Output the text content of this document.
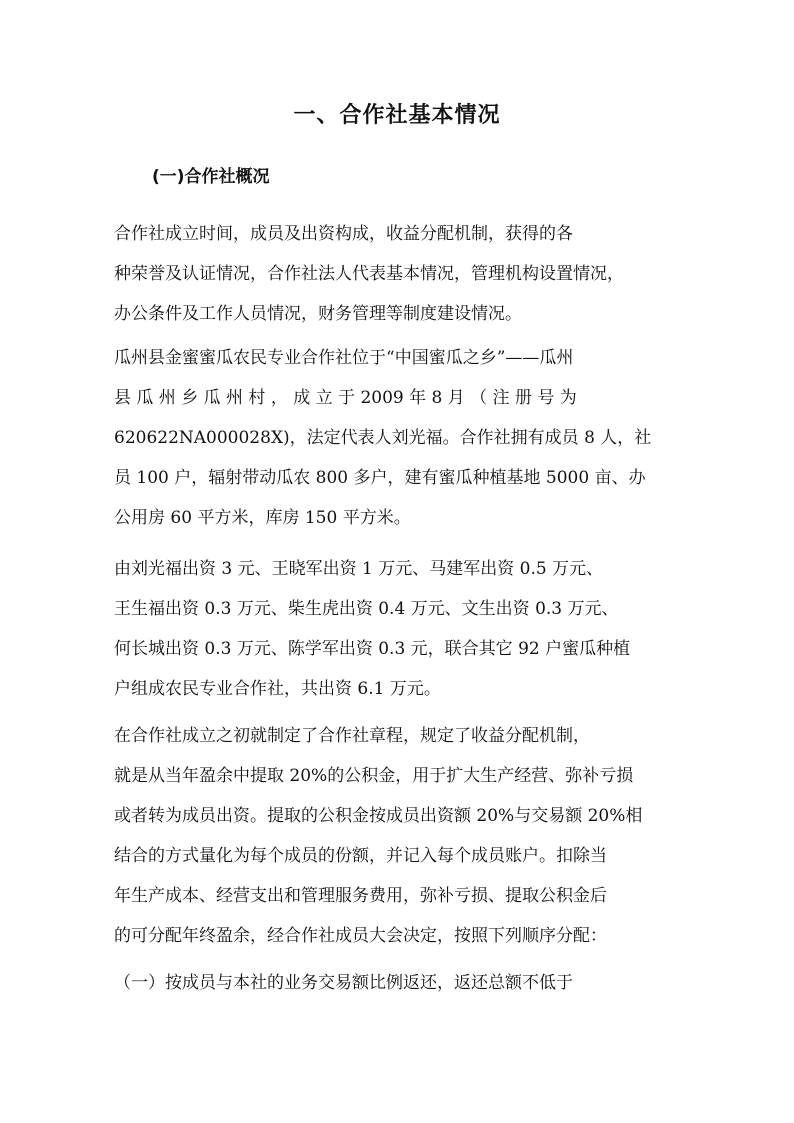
一、合作社基本情况
(一)合作社概况

合作社成立时间，成员及出资构成，收益分配机制，获得的各
种荣誉及认证情况，合作社法人代表基本情况，管理机构设置情况，
办公条件及工作人员情况，财务管理等制度建设情况。

瓜州县金蜜蜜瓜农民专业合作社位于“中国蜜瓜之乡”——瓜州
县 瓜 州 乡 瓜 州 村 ， 成 立 于 2009 年 8 月 （ 注 册 号 为
620622NA000028X)，法定代表人刘光福。合作社拥有成员 8 人，社
员 100 户，辐射带动瓜农 800 多户，建有蜜瓜种植基地 5000 亩、办
公用房 60 平方米，库房 150 平方米。

由刘光福出资 3 元、王晓军出资 1 万元、马建军出资 0.5 万元、
王生福出资 0.3 万元、柴生虎出资 0.4 万元、文生出资 0.3 万元、
何长城出资 0.3 万元、陈学军出资 0.3 元，联合其它 92 户蜜瓜种植
户组成农民专业合作社，共出资 6.1 万元。

在合作社成立之初就制定了合作社章程，规定了收益分配机制，
就是从当年盈余中提取 20%的公积金，用于扩大生产经营、弥补亏损
或者转为成员出资。提取的公积金按成员出资额 20%与交易额 20%相
结合的方式量化为每个成员的份额，并记入每个成员账户。扣除当
年生产成本、经营支出和管理服务费用，弥补亏损、提取公积金后
的可分配年终盈余，经合作社成员大会决定，按照下列顺序分配：

（一）按成员与本社的业务交易额比例返还，返还总额不低于
